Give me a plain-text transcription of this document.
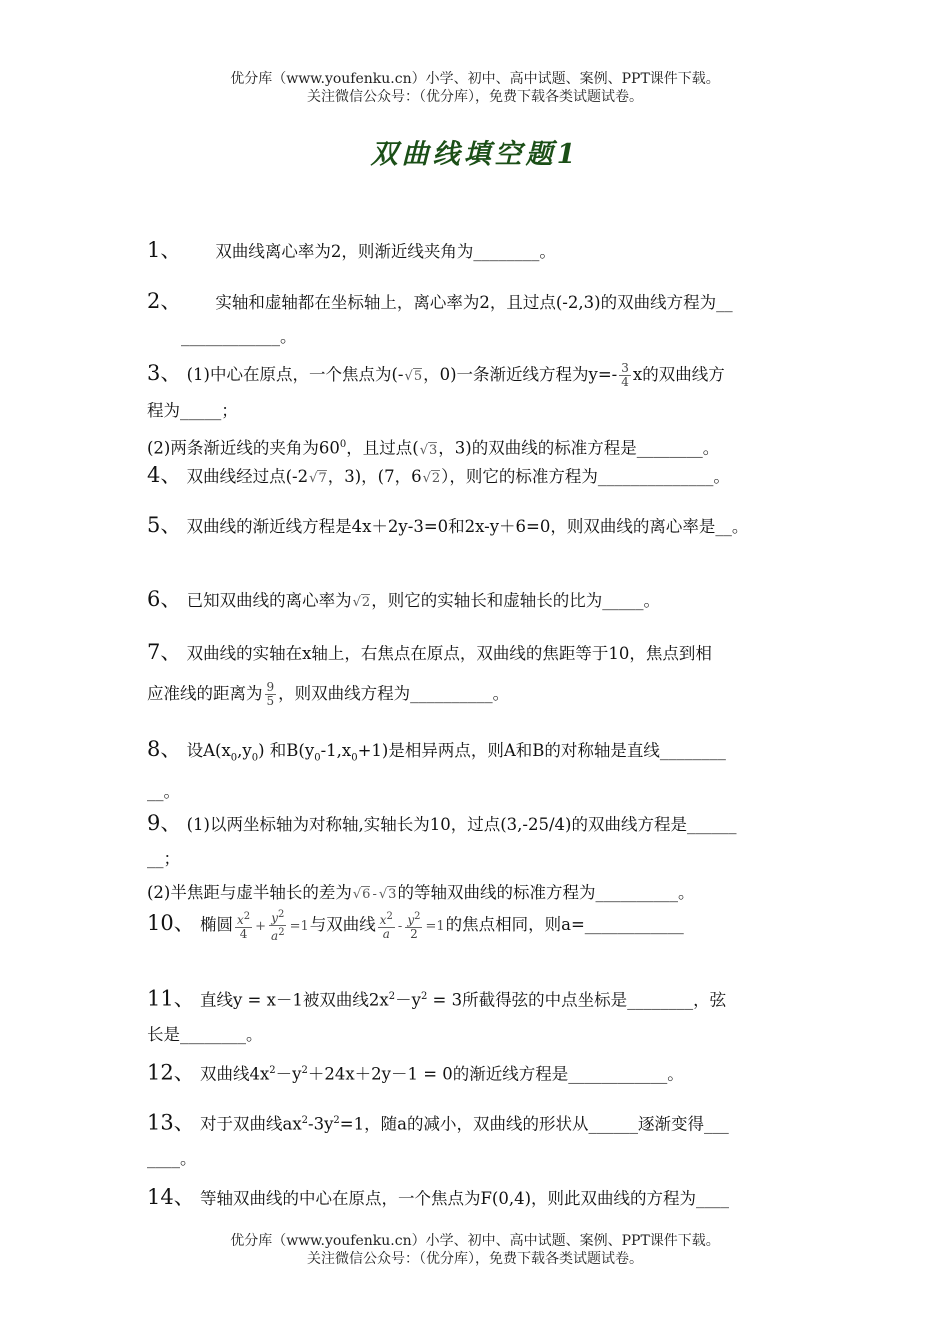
优分库（www.youfenku.cn）小学、初中、高中试题、案例、PPT课件下载。
关注微信公众号：（优分库），免费下载各类试题试卷。
双曲线填空题1
1、 双曲线离心率为2，则渐近线夹角为________。
2、 实轴和虚轴都在坐标轴上，离心率为2，且过点(-2,3)的双曲线方程为__
____________。
3、 (1)中心在原点，一个焦点为(-√5，0)一条渐近线方程为$y=- \frac{3}{4}$ x的双曲线方
程为_____；
(2)两条渐近线的夹角为$60^0$，且过点(√3，3)的双曲线的标准方程是________。
4、 双曲线经过点(-2√7，3)，(7，6√2），则它的标准方程为______________。
5、 双曲线的渐近线方程是4x＋2y-3=0和2x-y＋6=0，则双曲线的离心率是__。
6、 已知双曲线的离心率为√2，则它的实轴长和虚轴长的比为_____。
7、 双曲线的实轴在x轴上，右焦点在原点，双曲线的焦距等于10，焦点到相
应准线的距离为 $\frac{9}{5}$ ，则双曲线方程为__________。
8、 设$A(x_0,y_0)$ 和$B(y_0-1,x_0+1)$是相异两点，则A和B的对称轴是直线________
__。
9、 (1)以两坐标轴为对称轴,实轴长为10，过点(3,-25/4)的双曲线方程是______
__；
(2)半焦距与虚半轴长的差为√6 - √3的等轴双曲线的标准方程为__________。
10、 椭圆 $\frac{x^2}{4} + \frac{y^2}{a^2} =1$与双曲线 $\frac{x^2}{a} - \frac{y^2}{2} =1$的焦点相同，则a=____________
11、 直线y = x－1被双曲线$2x^2-y^2 = 3$所截得弦的中点坐标是________，弦
长是________。
12、 双曲线$4x^2-y^2+24x+2y-1 = 0$的渐近线方程是____________。
13、 对于双曲线$ax^2-3y^2=1$，随a的减小，双曲线的形状从______逐渐变得___
____。
14、 等轴双曲线的中心在原点，一个焦点为F(0,4)，则此双曲线的方程为____
优分库（www.youfenku.cn）小学、初中、高中试题、案例、PPT课件下载。
关注微信公众号：（优分库），免费下载各类试题试卷。
